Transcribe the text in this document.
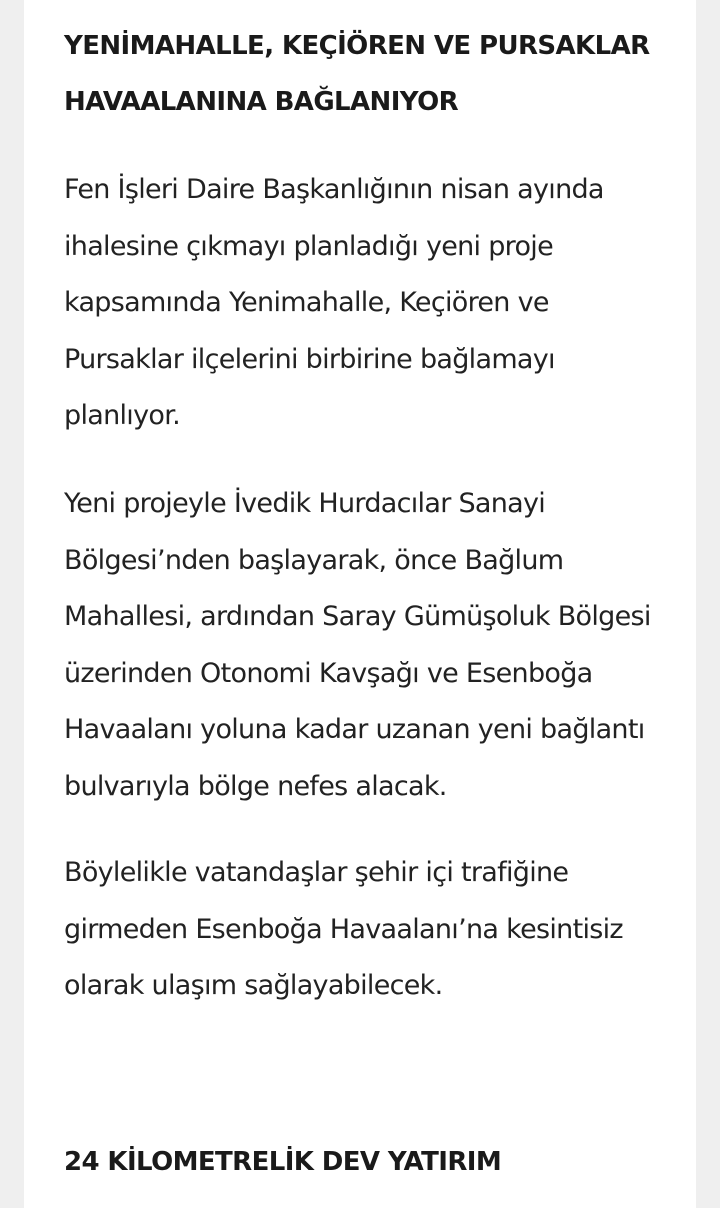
YENİMAHALLE, KEÇİÖREN VE PURSAKLAR HAVAALANINA BAĞLANIYOR

Fen İşleri Daire Başkanlığının nisan ayında ihalesine çıkmayı planladığı yeni proje kapsamında Yenimahalle, Keçiören ve Pursaklar ilçelerini birbirine bağlamayı planlıyor.

Yeni projeyle İvedik Hurdacılar Sanayi Bölgesi’nden başlayarak, önce Bağlum Mahallesi, ardından Saray Gümüşoluk Bölgesi üzerinden Otonomi Kavşağı ve Esenboğa Havaalanı yoluna kadar uzanan yeni bağlantı bulvarıyla bölge nefes alacak.

Böylelikle vatandaşlar şehir içi trafiğine girmeden Esenboğa Havaalanı’na kesintisiz olarak ulaşım sağlayabilecek.

24 KİLOMETRELİK DEV YATIRIM
